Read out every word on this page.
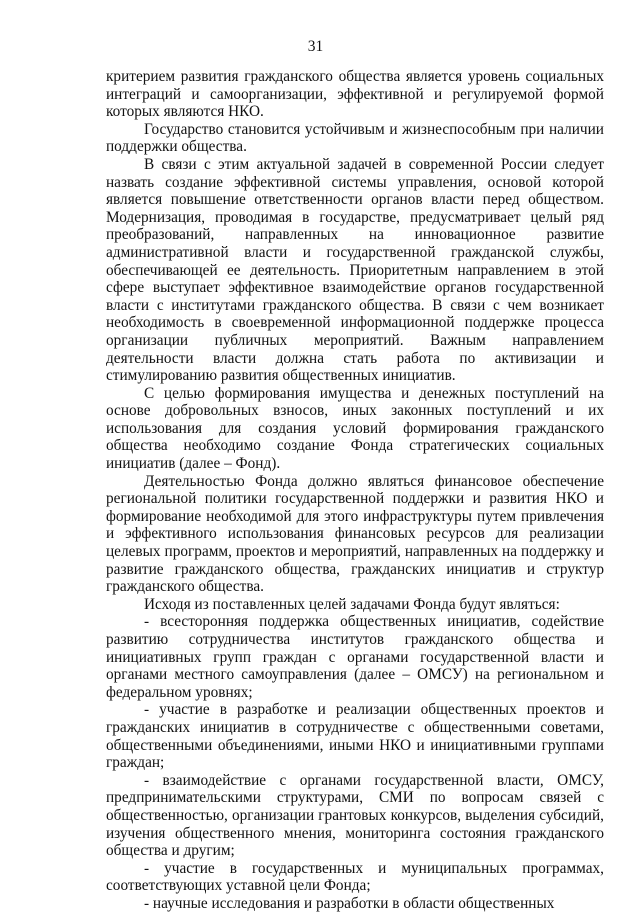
31

критерием развития гражданского общества является уровень социальных интеграций и самоорганизации, эффективной и регулируемой формой которых являются НКО.

Государство становится устойчивым и жизнеспособным при наличии поддержки общества.

В связи с этим актуальной задачей в современной России следует назвать создание эффективной системы управления, основой которой является повышение ответственности органов власти перед обществом. Модернизация, проводимая в государстве, предусматривает целый ряд преобразований, направленных на инновационное развитие административной власти и государственной гражданской службы, обеспечивающей ее деятельность. Приоритетным направлением в этой сфере выступает эффективное взаимодействие органов государственной власти с институтами гражданского общества. В связи с чем возникает необходимость в своевременной информационной поддержке процесса организации публичных мероприятий. Важным направлением деятельности власти должна стать работа по активизации и стимулированию развития общественных инициатив.

С целью формирования имущества и денежных поступлений на основе добровольных взносов, иных законных поступлений и их использования для создания условий формирования гражданского общества необходимо создание Фонда стратегических социальных инициатив (далее – Фонд).

Деятельностью Фонда должно являться финансовое обеспечение региональной политики государственной поддержки и развития НКО и формирование необходимой для этого инфраструктуры путем привлечения и эффективного использования финансовых ресурсов для реализации целевых программ, проектов и мероприятий, направленных на поддержку и развитие гражданского общества, гражданских инициатив и структур гражданского общества.

Исходя из поставленных целей задачами Фонда будут являться:

- всесторонняя поддержка общественных инициатив, содействие развитию сотрудничества институтов гражданского общества и инициативных групп граждан с органами государственной власти и органами местного самоуправления (далее – ОМСУ) на региональном и федеральном уровнях;

- участие в разработке и реализации общественных проектов и гражданских инициатив в сотрудничестве с общественными советами, общественными объединениями, иными НКО и инициативными группами граждан;

- взаимодействие с органами государственной власти, ОМСУ, предпринимательскими структурами, СМИ по вопросам связей с общественностью, организации грантовых конкурсов, выделения субсидий, изучения общественного мнения, мониторинга состояния гражданского общества и другим;

- участие в государственных и муниципальных программах, соответствующих уставной цели Фонда;

- научные исследования и разработки в области общественных
